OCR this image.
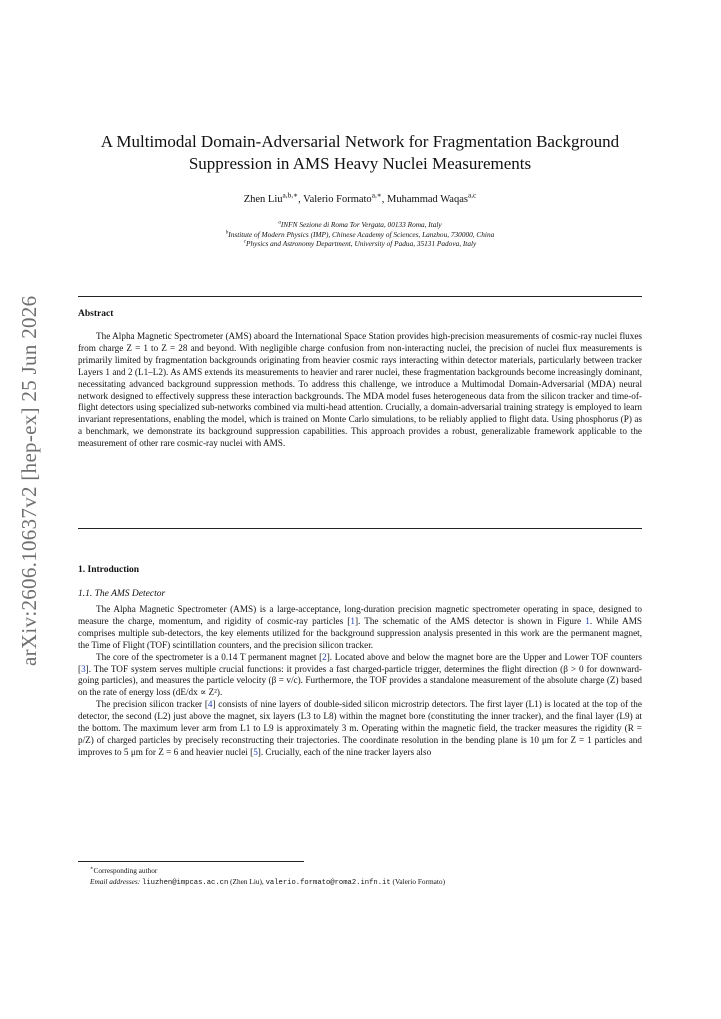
arXiv:2606.10637v2 [hep-ex] 25 Jun 2026
A Multimodal Domain-Adversarial Network for Fragmentation Background
Suppression in AMS Heavy Nuclei Measurements
Zhen Liu$^{a,b,∗}$, Valerio Formato$^{a,∗}$, Muhammad Waqas$^{a,c}$
$^a$INFN Sezione di Roma Tor Vergata, 00133 Roma, Italy
$^b$Institute of Modern Physics (IMP), Chinese Academy of Sciences, Lanzhou, 730000, China
$^c$Physics and Astronomy Department, University of Padua, 35131 Padova, Italy
Abstract

The Alpha Magnetic Spectrometer (AMS) aboard the International Space Station provides high-precision measurements of cosmic-ray nuclei fluxes from charge Z = 1 to Z = 28 and beyond. With negligible charge confusion from non-interacting nuclei, the precision of nuclei flux measurements is primarily limited by fragmentation backgrounds originating from heavier cosmic rays interacting within detector materials, particularly between tracker Layers 1 and 2 (L1–L2). As AMS extends its measurements to heavier and rarer nuclei, these fragmentation backgrounds become increasingly dominant, necessitating advanced background suppression methods. To address this challenge, we introduce a Multimodal Domain-Adversarial (MDA) neural network designed to effectively suppress these interaction backgrounds. The MDA model fuses heterogeneous data from the silicon tracker and time-of-flight detectors using specialized sub-networks combined via multi-head attention. Crucially, a domain-adversarial training strategy is employed to learn invariant representations, enabling the model, which is trained on Monte Carlo simulations, to be reliably applied to flight data. Using phosphorus (P) as a benchmark, we demonstrate its background suppression capabilities. This approach provides a robust, generalizable framework applicable to the measurement of other rare cosmic-ray nuclei with AMS.

1. Introduction
1.1. The AMS Detector

The Alpha Magnetic Spectrometer (AMS) is a large-acceptance, long-duration precision magnetic spectrometer operating in space, designed to measure the charge, momentum, and rigidity of cosmic-ray particles [1]. The schematic of the AMS detector is shown in Figure 1. While AMS comprises multiple sub-detectors, the key elements utilized for the background suppression analysis presented in this work are the permanent magnet, the Time of Flight (TOF) scintillation counters, and the precision silicon tracker.

The core of the spectrometer is a 0.14 T permanent magnet [2]. Located above and below the magnet bore are the Upper and Lower TOF counters [3]. The TOF system serves multiple crucial functions: it provides a fast charged-particle trigger, determines the flight direction (β > 0 for downward-going particles), and measures the particle velocity (β = v/c). Furthermore, the TOF provides a standalone measurement of the absolute charge (Z) based on the rate of energy loss (dE/dx ∝ Z²).

The precision silicon tracker [4] consists of nine layers of double-sided silicon microstrip detectors. The first layer (L1) is located at the top of the detector, the second (L2) just above the magnet, six layers (L3 to L8) within the magnet bore (constituting the inner tracker), and the final layer (L9) at the bottom. The maximum lever arm from L1 to L9 is approximately 3 m. Operating within the magnetic field, the tracker measures the rigidity (R = p/Z) of charged particles by precisely reconstructing their trajectories. The coordinate resolution in the bending plane is 10 μm for Z = 1 particles and improves to 5 μm for Z = 6 and heavier nuclei [5]. Crucially, each of the nine tracker layers also

∗Corresponding author
Email addresses: liuzhen@impcas.ac.cn (Zhen Liu), valerio.formato@roma2.infn.it (Valerio Formato)
